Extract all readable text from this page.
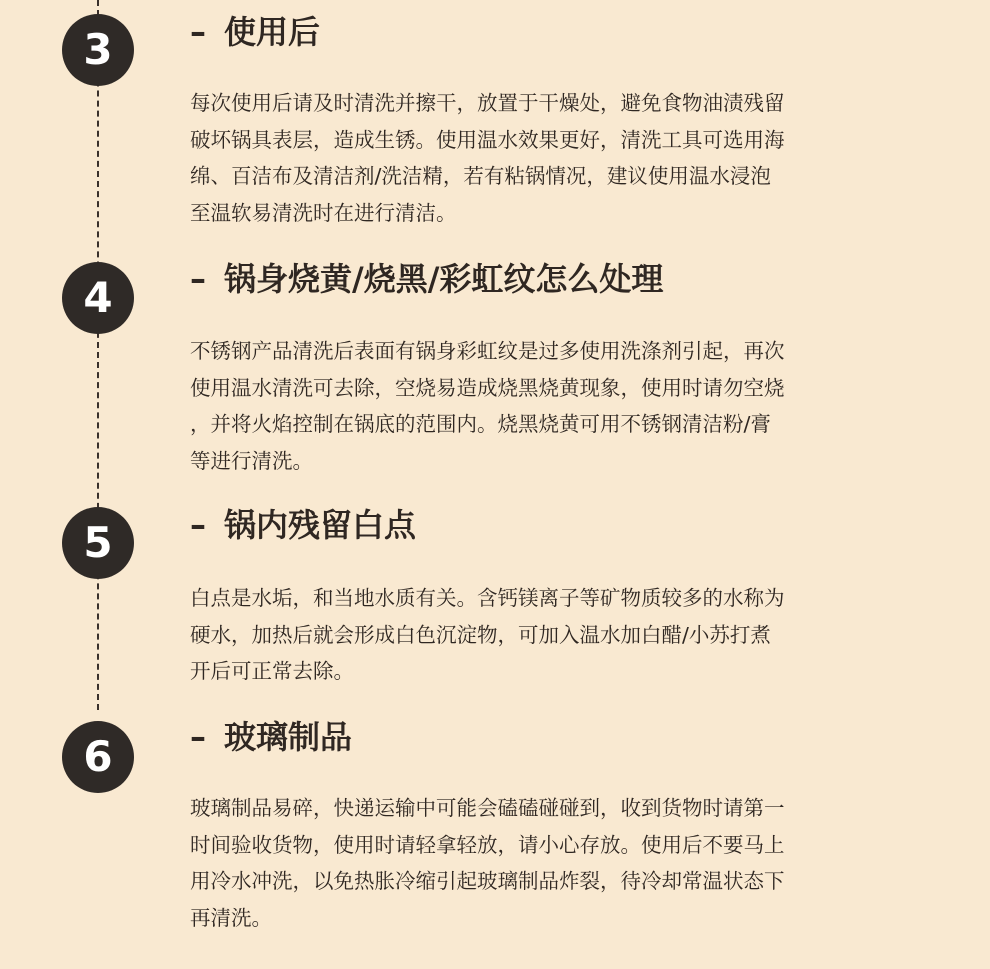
3	– 使用后
每次使用后请及时清洗并擦干，放置于干燥处，避免食物油渍残留
破坏锅具表层，造成生锈。使用温水效果更好，清洗工具可选用海
绵、百洁布及清洁剂/洗洁精，若有粘锅情况，建议使用温水浸泡
至温软易清洗时在进行清洁。
4	– 锅身烧黄/烧黑/彩虹纹怎么处理
不锈钢产品清洗后表面有锅身彩虹纹是过多使用洗涤剂引起，再次
使用温水清洗可去除，空烧易造成烧黑烧黄现象，使用时请勿空烧
，并将火焰控制在锅底的范围内。烧黑烧黄可用不锈钢清洁粉/膏
等进行清洗。
5	– 锅内残留白点
白点是水垢，和当地水质有关。含钙镁离子等矿物质较多的水称为
硬水，加热后就会形成白色沉淀物，可加入温水加白醋/小苏打煮
开后可正常去除。
6	– 玻璃制品
玻璃制品易碎，快递运输中可能会磕磕碰碰到，收到货物时请第一
时间验收货物，使用时请轻拿轻放，请小心存放。使用后不要马上
用冷水冲洗，以免热胀冷缩引起玻璃制品炸裂，待冷却常温状态下
再清洗。
